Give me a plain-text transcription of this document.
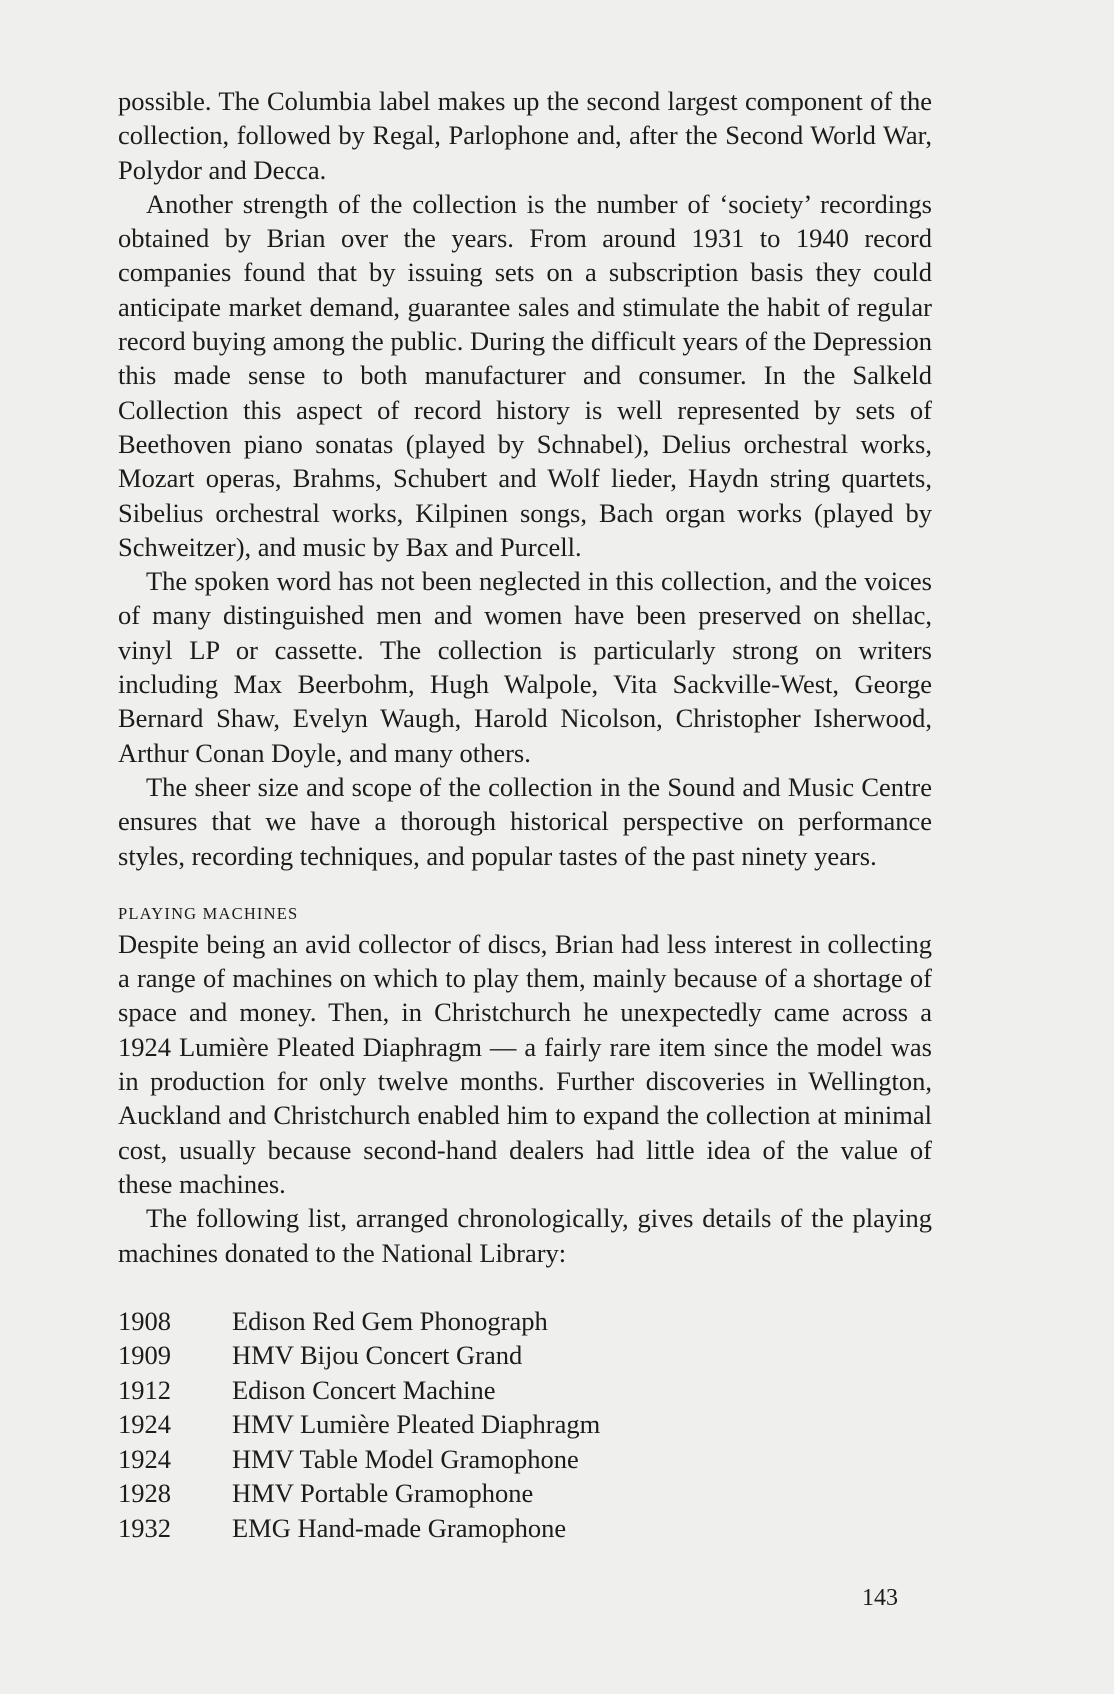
possible. The Columbia label makes up the second largest component of the collection, followed by Regal, Parlophone and, after the Second World War, Polydor and Decca.

Another strength of the collection is the number of ‘society’ recordings obtained by Brian over the years. From around 1931 to 1940 record companies found that by issuing sets on a subscription basis they could anticipate market demand, guarantee sales and stimulate the habit of regular record buying among the public. During the difficult years of the Depression this made sense to both manufacturer and consumer. In the Salkeld Collection this aspect of record history is well represented by sets of Beethoven piano sonatas (played by Schnabel), Delius orchestral works, Mozart operas, Brahms, Schubert and Wolf lieder, Haydn string quartets, Sibelius orchestral works, Kilpinen songs, Bach organ works (played by Schweitzer), and music by Bax and Purcell.

The spoken word has not been neglected in this collection, and the voices of many distinguished men and women have been preserved on shellac, vinyl LP or cassette. The collection is particularly strong on writers including Max Beerbohm, Hugh Walpole, Vita Sackville-West, George Bernard Shaw, Evelyn Waugh, Harold Nicolson, Christopher Isherwood, Arthur Conan Doyle, and many others.

The sheer size and scope of the collection in the Sound and Music Centre ensures that we have a thorough historical perspective on performance styles, recording techniques, and popular tastes of the past ninety years.

PLAYING MACHINES

Despite being an avid collector of discs, Brian had less interest in collecting a range of machines on which to play them, mainly because of a shortage of space and money. Then, in Christchurch he unexpectedly came across a 1924 Lumière Pleated Diaphragm — a fairly rare item since the model was in production for only twelve months. Further discoveries in Wellington, Auckland and Christchurch enabled him to expand the collection at minimal cost, usually because second-hand dealers had little idea of the value of these machines.

The following list, arranged chronologically, gives details of the playing machines donated to the National Library:

1908	Edison Red Gem Phonograph
1909	HMV Bijou Concert Grand
1912	Edison Concert Machine
1924	HMV Lumière Pleated Diaphragm
1924	HMV Table Model Gramophone
1928	HMV Portable Gramophone
1932	EMG Hand-made Gramophone
143
